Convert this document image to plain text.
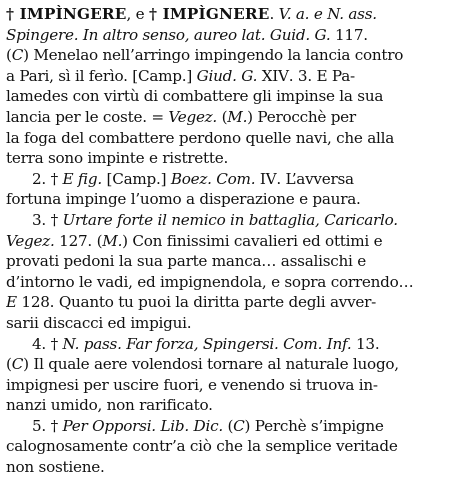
† IMPÌNGERE, e † IMPÌGNERE. V. a. e N. ass.
Spingere. In altro senso, aureo lat. Guid. G. 117.
(C) Menelao nell’arringo impingendo la lancia contro
a Pari, sì il ferìo. [Camp.] Giud. G. XIV. 3. E Pa-
lamedes con virtù di combattere gli impinse la sua
lancia per le coste. = Vegez. (M.) Perocchè per
la foga del combattere perdono quelle navi, che alla
terra sono impinte e ristrette.
2. † E fig. [Camp.] Boez. Com. IV. L’avversa
fortuna impinge l’uomo a disperazione e paura.
3. † Urtare forte il nemico in battaglia, Caricarlo.
Vegez. 127. (M.) Con finissimi cavalieri ed ottimi e
provati pedoni la sua parte manca… assalischi e
d’intorno le vadi, ed impignendola, e sopra correndo…
E 128. Quanto tu puoi la diritta parte degli avver-
sarii discacci ed impigui.
4. † N. pass. Far forza, Spingersi. Com. Inf. 13.
(C) Il quale aere volendosi tornare al naturale luogo,
impignesi per uscire fuori, e venendo si truova in-
nanzi umido, non rarificato.
5. † Per Opporsi. Lib. Dic. (C) Perchè s’impigne
calognosamente contr’a ciò che la semplice veritade
non sostiene.
